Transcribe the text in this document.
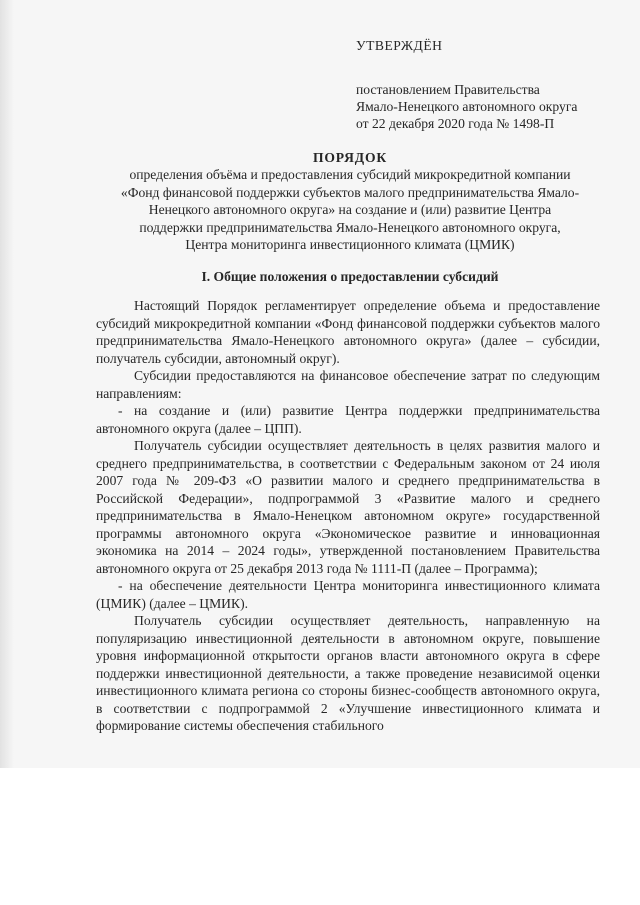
УТВЕРЖДЁН
постановлением Правительства
Ямало-Ненецкого автономного округа
от 22 декабря 2020 года № 1498-П
ПОРЯДОК
определения объёма и предоставления субсидий микрокредитной компании
«Фонд финансовой поддержки субъектов малого предпринимательства Ямало-
Ненецкого автономного округа» на создание и (или) развитие Центра
поддержки предпринимательства Ямало-Ненецкого автономного округа,
Центра мониторинга инвестиционного климата (ЦМИК)
I. Общие положения о предоставлении субсидий

Настоящий Порядок регламентирует определение объема и предоставление субсидий микрокредитной компании «Фонд финансовой поддержки субъектов малого предпринимательства Ямало-Ненецкого автономного округа» (далее – субсидии, получатель субсидии, автономный округ).

Субсидии предоставляются на финансовое обеспечение затрат по следующим направлениям:

- на создание и (или) развитие Центра поддержки предпринимательства автономного округа (далее – ЦПП).

Получатель субсидии осуществляет деятельность в целях развития малого и среднего предпринимательства, в соответствии с Федеральным законом от 24 июля 2007 года № 209-ФЗ «О развитии малого и среднего предпринимательства в Российской Федерации», подпрограммой 3 «Развитие малого и среднего предпринимательства в Ямало-Ненецком автономном округе» государственной программы автономного округа «Экономическое развитие и инновационная экономика на 2014 – 2024 годы», утвержденной постановлением Правительства автономного округа от 25 декабря 2013 года № 1111-П (далее – Программа);

- на обеспечение деятельности Центра мониторинга инвестиционного климата (ЦМИК) (далее – ЦМИК).

Получатель субсидии осуществляет деятельность, направленную на популяризацию инвестиционной деятельности в автономном округе, повышение уровня информационной открытости органов власти автономного округа в сфере поддержки инвестиционной деятельности, а также проведение независимой оценки инвестиционного климата региона со стороны бизнес-сообществ автономного округа, в соответствии с подпрограммой 2 «Улучшение инвестиционного климата и формирование системы обеспечения стабильного
